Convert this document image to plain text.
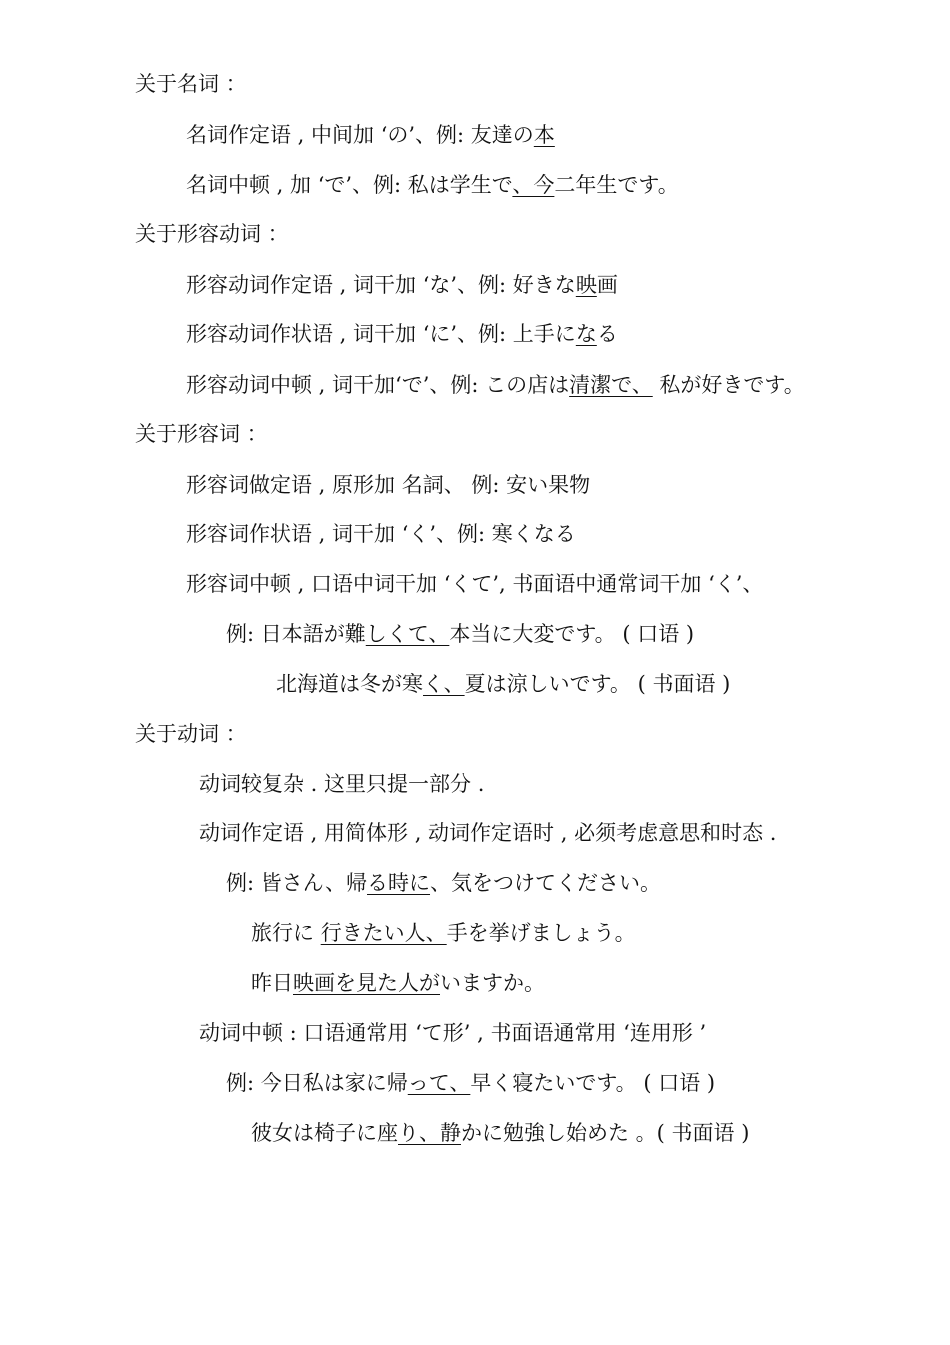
关于名词 ：
名词作定语 , 中间加 ‘の’、例: 友達の本
名词中顿 , 加 ‘で’、例: 私は学生で、今二年生です。
关于形容动词 ：
形容动词作定语 , 词干加 ‘な’、例: 好きな映画
形容动词作状语 , 词干加 ‘に’、例: 上手になる
形容动词中顿 , 词干加‘で’、例: この店は清潔で、 私が好きです。
关于形容词 ：
形容词做定语 , 原形加 名詞、 例: 安い果物
形容词作状语 , 词干加 ‘く’、例: 寒くなる
形容词中顿 , 口语中词干加 ‘くて’, 书面语中通常词干加 ‘く’、
例: 日本語が難しくて、本当に大変です。 ( 口语 )
北海道は冬が寒く、夏は涼しいです。 ( 书面语 )
关于动词 ：
动词较复杂 . 这里只提一部分 .
动词作定语 , 用简体形 , 动词作定语时 , 必须考虑意思和时态 .
例: 皆さん、帰る時に、気をつけてください。
旅行に 行きたい人、手を挙げましょう。
昨日映画を見た人がいますか。
动词中顿 : 口语通常用 ‘て形’ , 书面语通常用 ‘连用形 ’
例: 今日私は家に帰って、早く寝たいです。 ( 口语 )
彼女は椅子に座り、静かに勉強し始めた 。( 书面语 )
